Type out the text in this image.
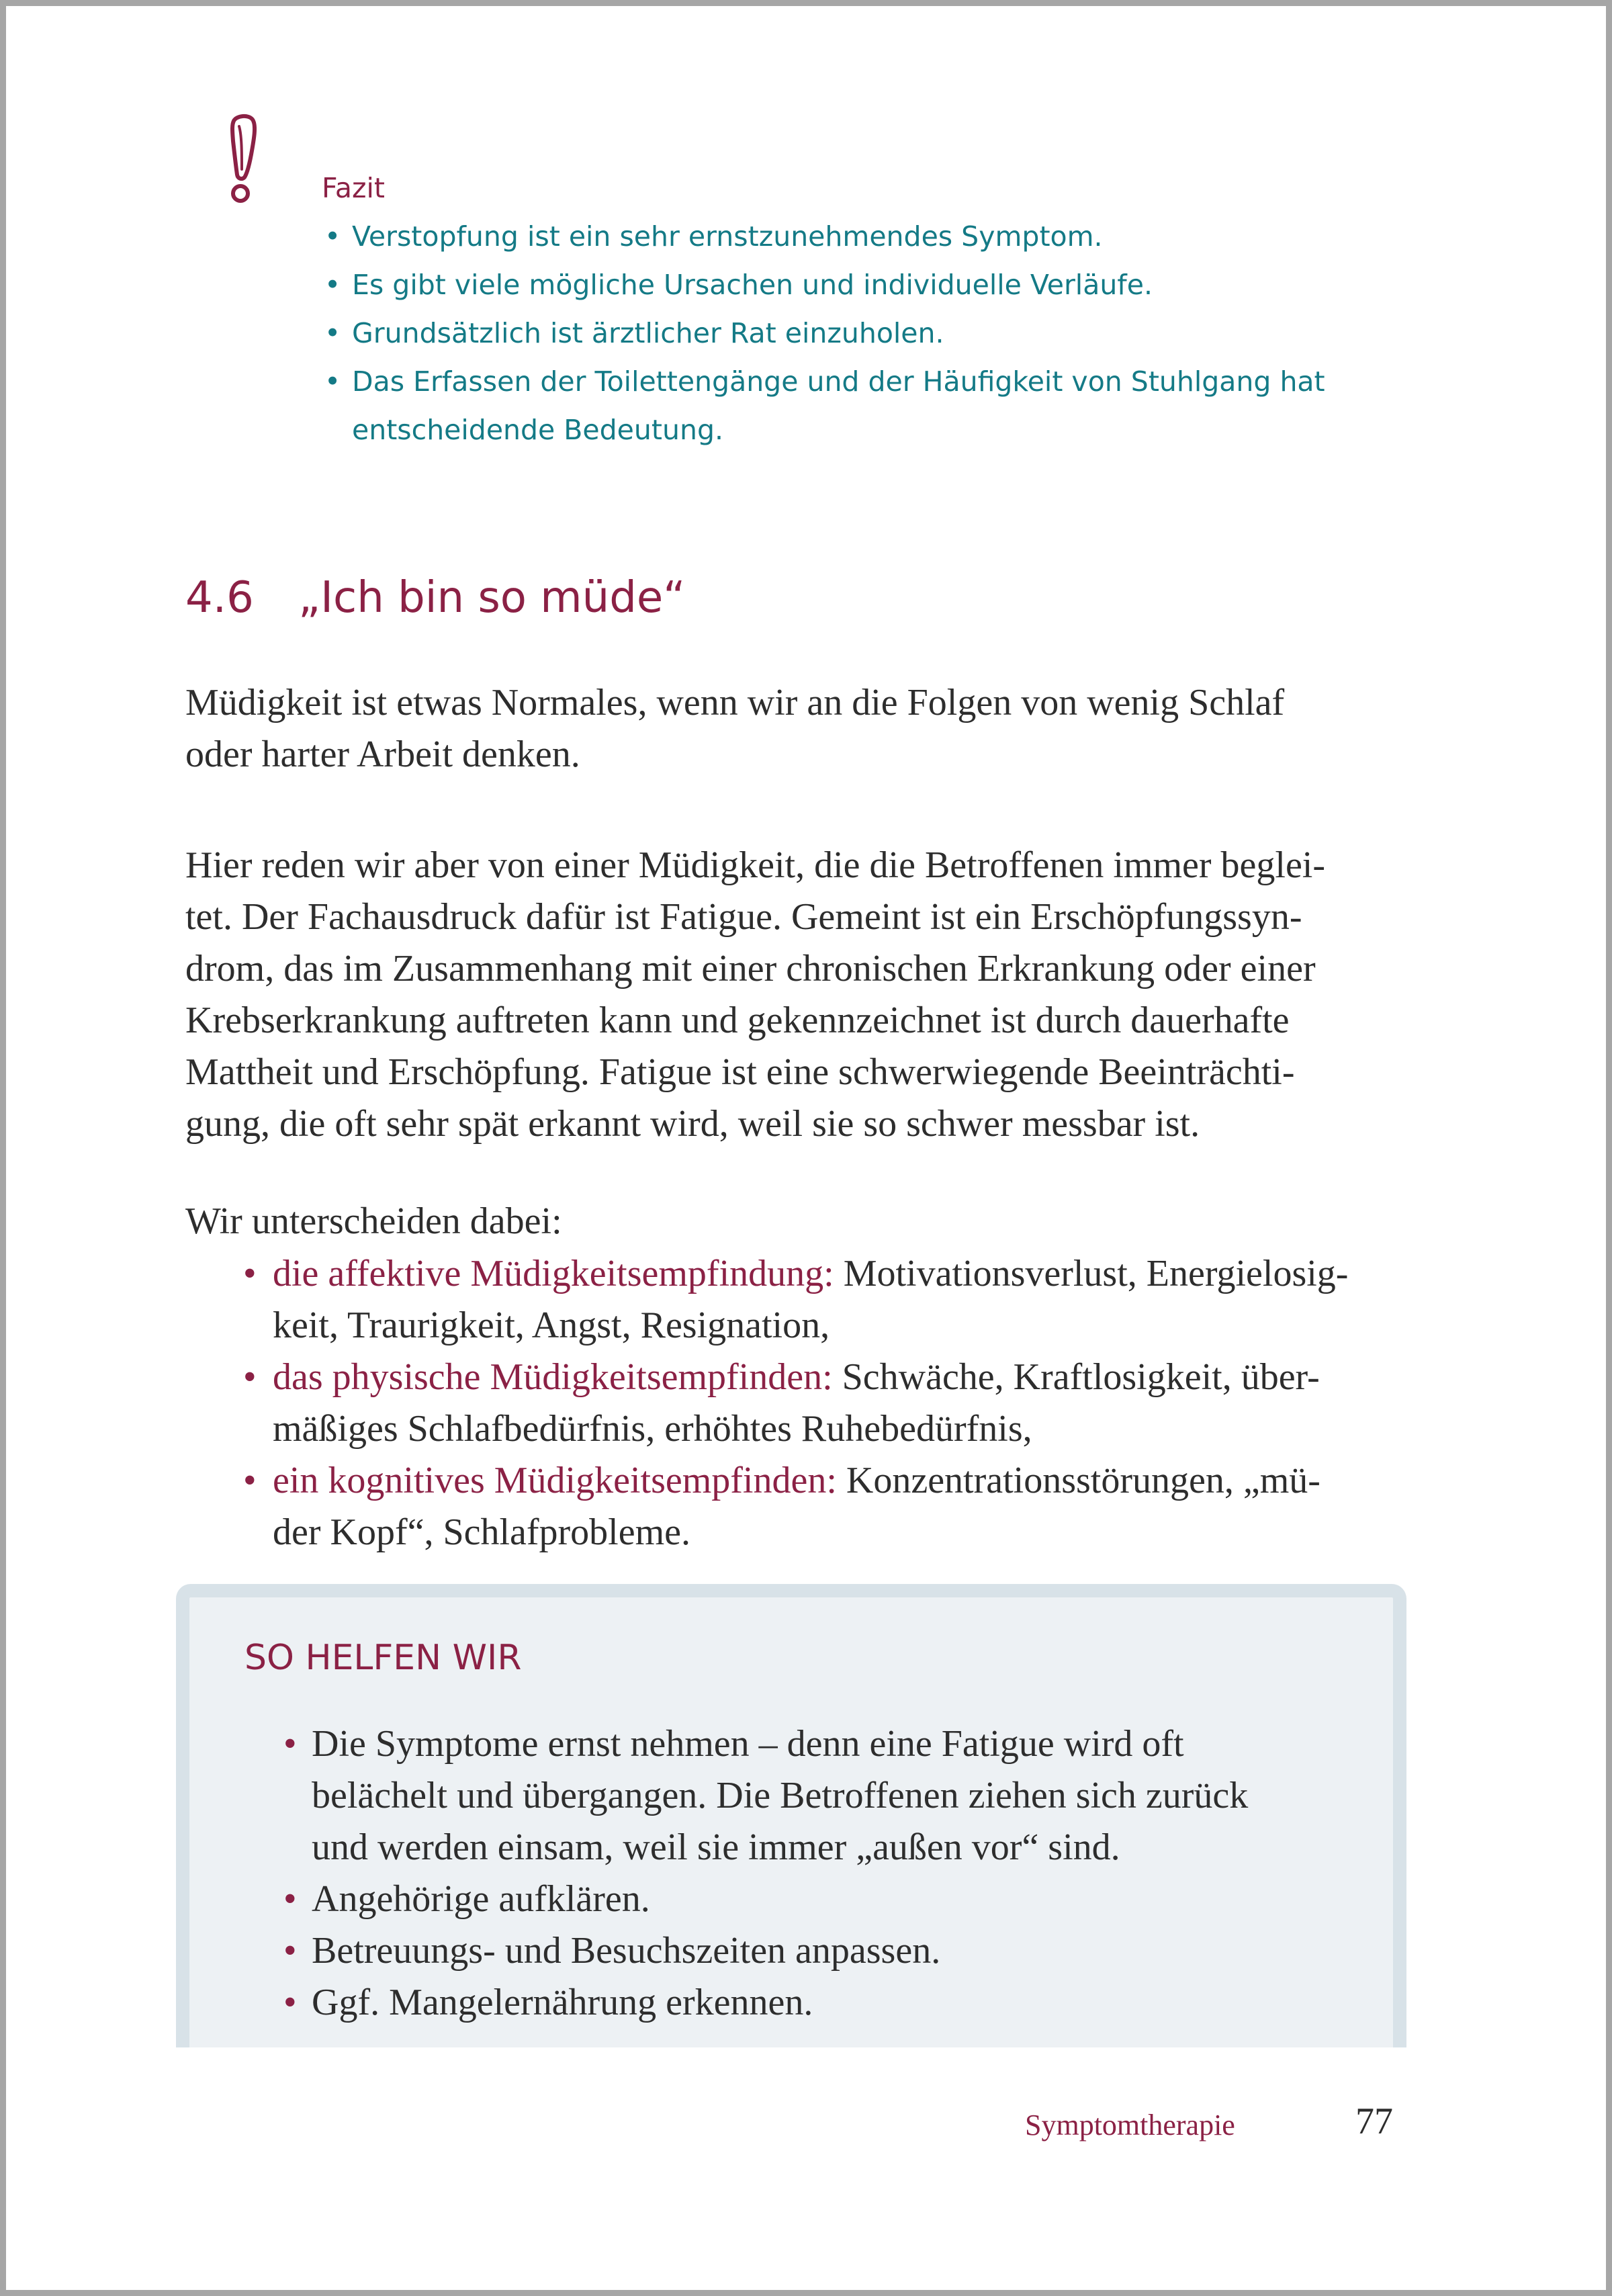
Fazit
• Verstopfung ist ein sehr ernstzunehmendes Symptom.
• Es gibt viele mögliche Ursachen und individuelle Verläufe.
• Grundsätzlich ist ärztlicher Rat einzuholen.
• Das Erfassen der Toilettengänge und der Häufigkeit von Stuhlgang hat
entscheidende Bedeutung.
4.6 „Ich bin so müde“

Müdigkeit ist etwas Normales, wenn wir an die Folgen von wenig Schlaf
oder harter Arbeit denken.

Hier reden wir aber von einer Müdigkeit, die die Betroffenen immer beglei-
tet. Der Fachausdruck dafür ist Fatigue. Gemeint ist ein Erschöpfungssyn-
drom, das im Zusammenhang mit einer chronischen Erkrankung oder einer
Krebserkrankung auftreten kann und gekennzeichnet ist durch dauerhafte
Mattheit und Erschöpfung. Fatigue ist eine schwerwiegende Beeinträchti-
gung, die oft sehr spät erkannt wird, weil sie so schwer messbar ist.

Wir unterscheiden dabei:

• die affektive Müdigkeitsempfindung: Motivationsverlust, Energielosig-
keit, Traurigkeit, Angst, Resignation,
• das physische Müdigkeitsempfinden: Schwäche, Kraftlosigkeit, über-
mäßiges Schlafbedürfnis, erhöhtes Ruhebedürfnis,
• ein kognitives Müdigkeitsempfinden: Konzentrationsstörungen, „mü-
der Kopf“, Schlafprobleme.
SO HELFEN WIR
• Die Symptome ernst nehmen – denn eine Fatigue wird oft
belächelt und übergangen. Die Betroffenen ziehen sich zurück
und werden einsam, weil sie immer „außen vor“ sind.
• Angehörige aufklären.
• Betreuungs- und Besuchszeiten anpassen.
• Ggf. Mangelernährung erkennen.
Symptomtherapie	77
